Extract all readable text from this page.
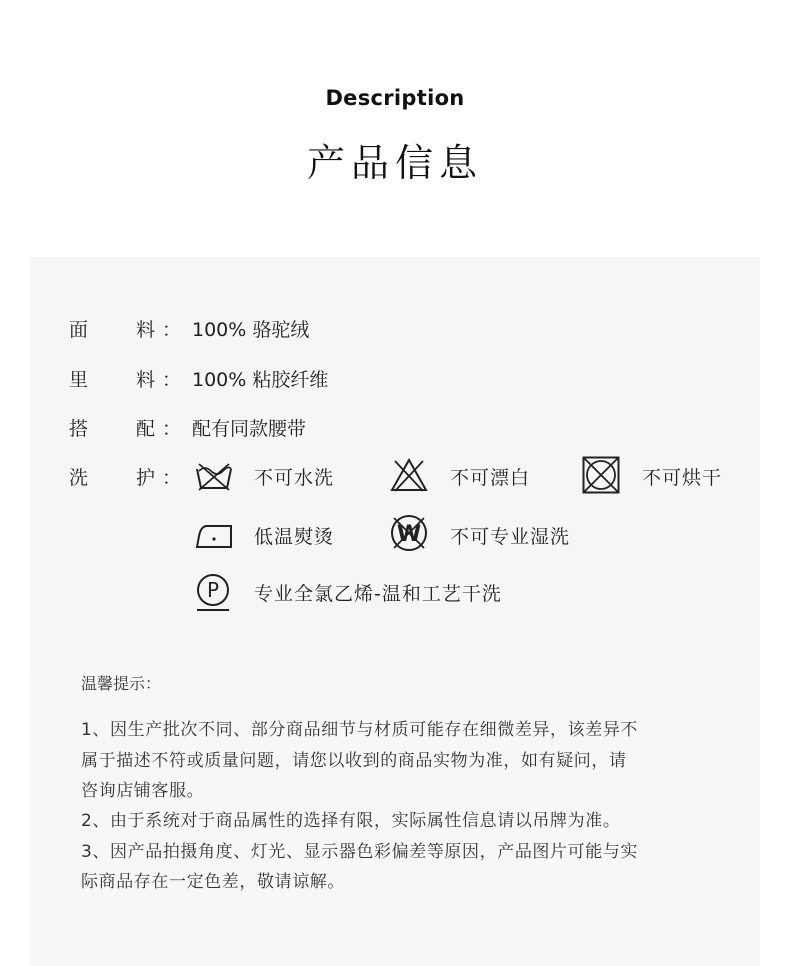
Description
产品信息
面	料 ： 100% 骆驼绒
里	料 ： 100% 粘胶纤维
搭	配 ： 配有同款腰带
洗	护 ：	不可水洗	不可漂白	不可烘干
低温熨烫	W 不可专业湿洗
P 专业全氯乙烯-温和工艺干洗
温馨提示：
1、因生产批次不同、部分商品细节与材质可能存在细微差异，该差异不
属于描述不符或质量问题，请您以收到的商品实物为准，如有疑问，请
咨询店铺客服。
2、由于系统对于商品属性的选择有限，实际属性信息请以吊牌为准。
3、因产品拍摄角度、灯光、显示器色彩偏差等原因，产品图片可能与实
际商品存在一定色差，敬请谅解。
